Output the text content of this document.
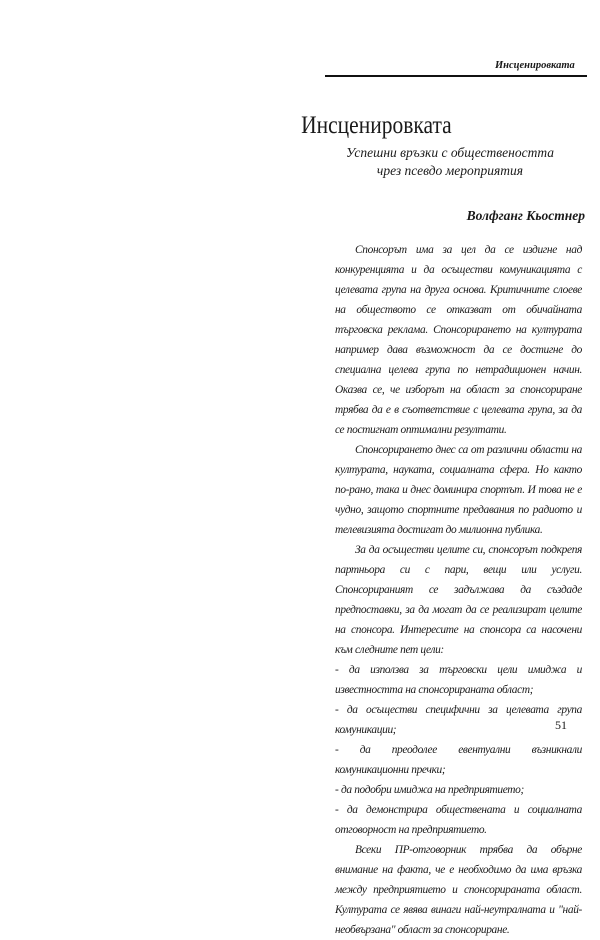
Инсценировката
Инсценировката
Успешни връзки с обществеността чрез псевдо мероприятия
Волфганг Кьостнер

Спонсорът има за цел да се издигне над конкуренцията и да осъществи комуникацията с целевата група на друга основа. Критичните слоеве на обществото се отказват от обичайната търговска реклама. Спонсорирането на културата например дава възможност да се достигне до специална целева група по нетрадиционен начин. Оказва се, че изборът на област за спонсориране трябва да е в съответствие с целевата група, за да се постигнат оптимални резултати.

Спонсорирането днес са от различни области на културата, науката, социалната сфера. Но както по-рано, така и днес доминира спортът. И това не е чудно, защото спортните предавания по радиото и телевизията достигат до милионна публика.

За да осъществи целите си, спонсорът подкрепя партньора си с пари, вещи или услуги. Спонсорираният се задължава да създаде предпоставки, за да могат да се реализират целите на спонсора. Интересите на спонсора са насочени към следните пет цели:

- да използва за търговски цели имиджа и известността на спонсорираната област;
- да осъществи специфични за целевата група комуникации;
- да преодолее евентуални възникнали комуникационни пречки;
- да подобри имиджа на предприятието;
- да демонстрира обществената и социалната отговорност на предприятието.

Всеки ПР-отговорник трябва да обърне внимание на факта, че е необходимо да има връзка между предприятието и спонсорираната област. Културата се явява винаги най-неутралната и "най-необвързана" област за спонсориране.

51
